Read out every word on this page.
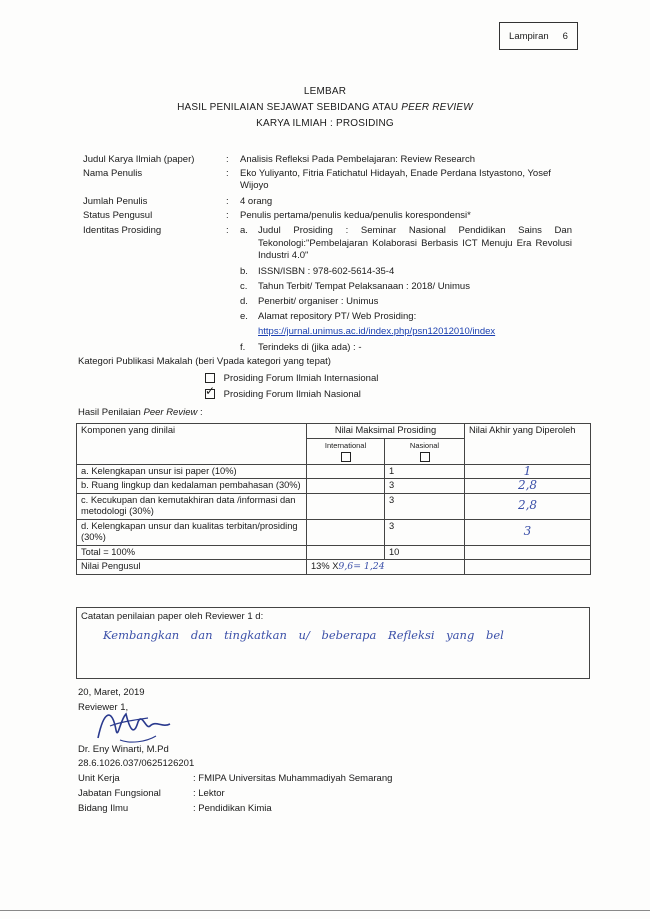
Lampiran 6
LEMBAR
HASIL PENILAIAN SEJAWAT SEBIDANG ATAU PEER REVIEW
KARYA ILMIAH : PROSIDING
Judul Karya Ilmiah (paper)	: Analisis Refleksi Pada Pembelajaran: Review Research
Nama Penulis	: Eko Yuliyanto, Fitria Fatichatul Hidayah, Enade Perdana Istyastono, Yosef Wijoyo
Jumlah Penulis	: 4 orang
Status Pengusul	: Penulis pertama/penulis kedua/penulis korespondensi*
Identitas Prosiding	: a. Judul Prosiding : Seminar Nasional Pendidikan Sains Dan Tekonologi:"Pembelajaran Kolaborasi Berbasis ICT Menuju Era Revolusi Industri 4.0"
b. ISSN/ISBN : 978-602-5614-35-4
c. Tahun Terbit/ Tempat Pelaksanaan : 2018/ Unimus
d. Penerbit/ organiser : Unimus
e. Alamat repository PT/ Web Prosiding:
https://jurnal.unimus.ac.id/index.php/psn12012010/index
f. Terindeks di (jika ada) : -
Kategori Publikasi Makalah (beri Vpada kategori yang tepat)
Prosiding Forum Ilmiah Internasional
✓ Prosiding Forum Ilmiah Nasional
Hasil Penilaian Peer Review :
Komponen yang dinilai	Nilai Maksimal Prosiding		Nilai Akhir yang Diperoleh

	International	Nasional	

a. Kelengkapan unsur isi paper (10%)		1	1
b. Ruang lingkup dan kedalaman pembahasan (30%)		3	2,8
c. Kecukupan dan kemutakhiran data /informasi dan metodologi (30%)		3	2,8
d. Kelengkapan unsur dan kualitas terbitan/prosiding (30%)		3	3
Total = 100%		10	
Nilai Pengusul	13% X9,6= 1,24		
Catatan penilaian paper oleh Reviewer 1 d:
Kembangkan dan tingkatkan u/ beberapa Refleksi yang bel
20, Maret, 2019
Reviewer 1,
Dr. Eny Winarti, M.Pd
28.6.1026.037/0625126201
Unit Kerja	: FMIPA Universitas Muhammadiyah Semarang
Jabatan Fungsional	: Lektor
Bidang Ilmu	: Pendidikan Kimia
